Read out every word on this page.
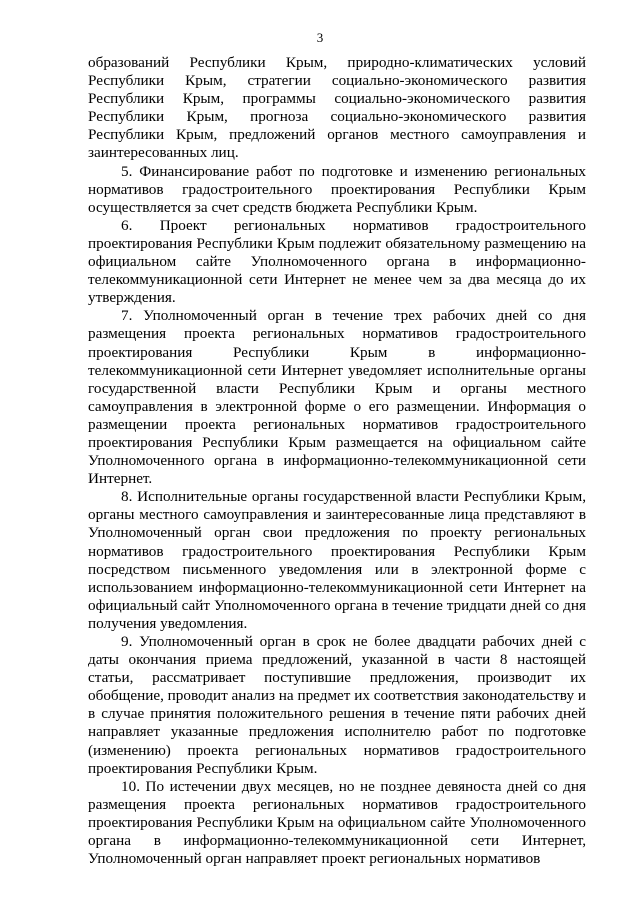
3

образований Республики Крым, природно-климатических условий Республики Крым, стратегии социально-экономического развития Республики Крым, программы социально-экономического развития Республики Крым, прогноза социально-экономического развития Республики Крым, предложений органов местного самоуправления и заинтересованных лиц.

5. Финансирование работ по подготовке и изменению региональных нормативов градостроительного проектирования Республики Крым осуществляется за счет средств бюджета Республики Крым.

6. Проект региональных нормативов градостроительного проектирования Республики Крым подлежит обязательному размещению на официальном сайте Уполномоченного органа в информационно-телекоммуникационной сети Интернет не менее чем за два месяца до их утверждения.

7. Уполномоченный орган в течение трех рабочих дней со дня размещения проекта региональных нормативов градостроительного проектирования Республики Крым в информационно-телекоммуникационной сети Интернет уведомляет исполнительные органы государственной власти Республики Крым и органы местного самоуправления в электронной форме о его размещении. Информация о размещении проекта региональных нормативов градостроительного проектирования Республики Крым размещается на официальном сайте Уполномоченного органа в информационно-телекоммуникационной сети Интернет.

8. Исполнительные органы государственной власти Республики Крым, органы местного самоуправления и заинтересованные лица представляют в Уполномоченный орган свои предложения по проекту региональных нормативов градостроительного проектирования Республики Крым посредством письменного уведомления или в электронной форме с использованием информационно-телекоммуникационной сети Интернет на официальный сайт Уполномоченного органа в течение тридцати дней со дня получения уведомления.

9. Уполномоченный орган в срок не более двадцати рабочих дней с даты окончания приема предложений, указанной в части 8 настоящей статьи, рассматривает поступившие предложения, производит их обобщение, проводит анализ на предмет их соответствия законодательству и в случае принятия положительного решения в течение пяти рабочих дней направляет указанные предложения исполнителю работ по подготовке (изменению) проекта региональных нормативов градостроительного проектирования Республики Крым.

10. По истечении двух месяцев, но не позднее девяноста дней со дня размещения проекта региональных нормативов градостроительного проектирования Республики Крым на официальном сайте Уполномоченного органа в информационно-телекоммуникационной сети Интернет, Уполномоченный орган направляет проект региональных нормативов
